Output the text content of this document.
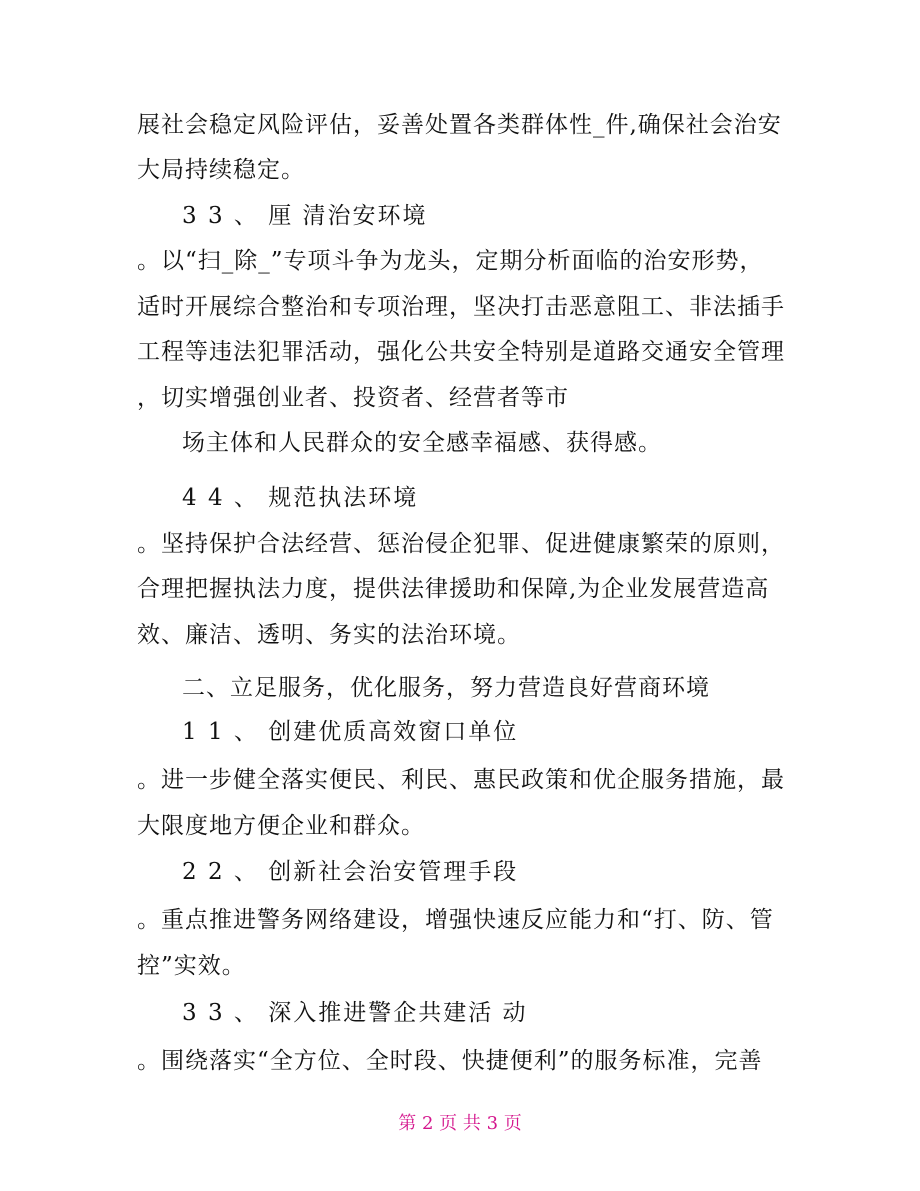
展社会稳定风险评估，妥善处置各类群体性_件,确保社会治安
大局持续稳定。
3 3 、 厘 清治安环境
。以“扫_除_”专项斗争为龙头，定期分析面临的治安形势，
适时开展综合整治和专项治理，坚决打击恶意阻工、非法插手
工程等违法犯罪活动，强化公共安全特别是道路交通安全管理
，切实增强创业者、投资者、经营者等市
场主体和人民群众的安全感幸福感、获得感。
4 4 、 规范执法环境
。坚持保护合法经营、惩治侵企犯罪、促进健康繁荣的原则，
合理把握执法力度，提供法律援助和保障,为企业发展营造高
效、廉洁、透明、务实的法治环境。
二、立足服务，优化服务，努力营造良好营商环境
1 1 、 创建优质高效窗口单位
。进一步健全落实便民、利民、惠民政策和优企服务措施，最
大限度地方便企业和群众。
2 2 、 创新社会治安管理手段
。重点推进警务网络建设，增强快速反应能力和“打、防、管
控”实效。
3 3 、 深入推进警企共建活 动
。围绕落实“全方位、全时段、快捷便利”的服务标准，完善
第 2 页 共 3 页
